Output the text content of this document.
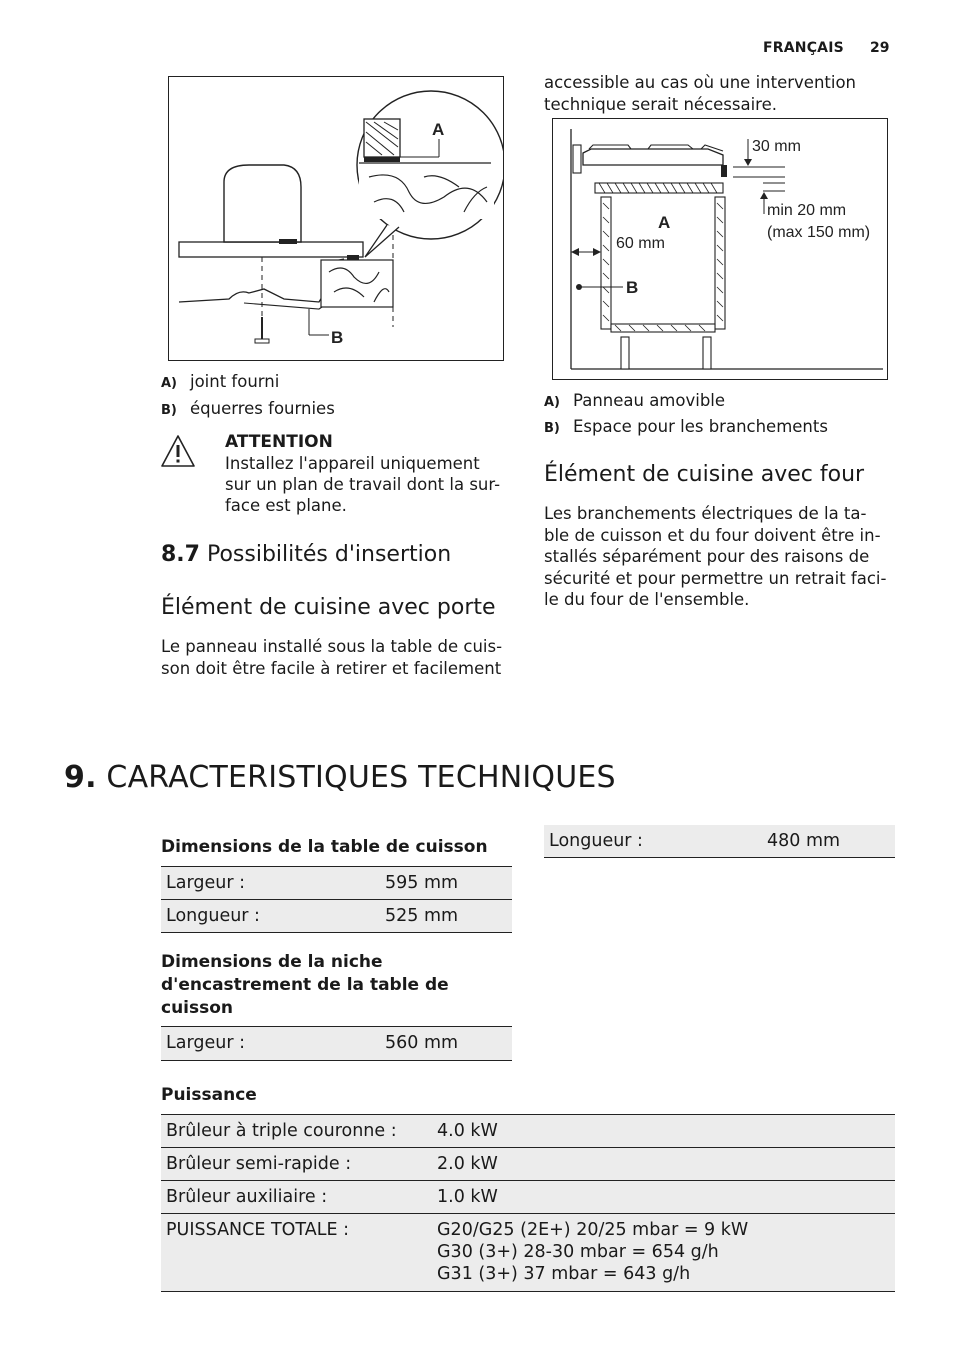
FRANÇAIS 29
A
B
A) joint fourni
B) équerres fournies
ATTENTION
Installez l'appareil uniquement
sur un plan de travail dont la sur-
face est plane.
8.7 Possibilités d'insertion
Élément de cuisine avec porte
Le panneau installé sous la table de cuis-
son doit être facile à retirer et facilement
accessible au cas où une intervention
technique serait nécessaire.
30 mm
min 20 mm
(max 150 mm)
60 mm
A
B
A) Panneau amovible
B) Espace pour les branchements
Élément de cuisine avec four
Les branchements électriques de la ta-
ble de cuisson et du four doivent être in-
stallés séparément pour des raisons de
sécurité et pour permettre un retrait faci-
le du four de l'ensemble.
9. CARACTERISTIQUES TECHNIQUES
Dimensions de la table de cuisson
Largeur :	595 mm
Longueur :	525 mm
Dimensions de la niche
d'encastrement de la table de
cuisson
Largeur :	560 mm
Longueur :	480 mm
Puissance
Brûleur à triple couronne : 4.0 kW
Brûleur semi-rapide :	2.0 kW
Brûleur auxiliaire :	1.0 kW
PUISSANCE TOTALE :	G20/G25 (2E+) 20/25 mbar = 9 kW
G30 (3+) 28-30 mbar = 654 g/h
G31 (3+) 37 mbar = 643 g/h
